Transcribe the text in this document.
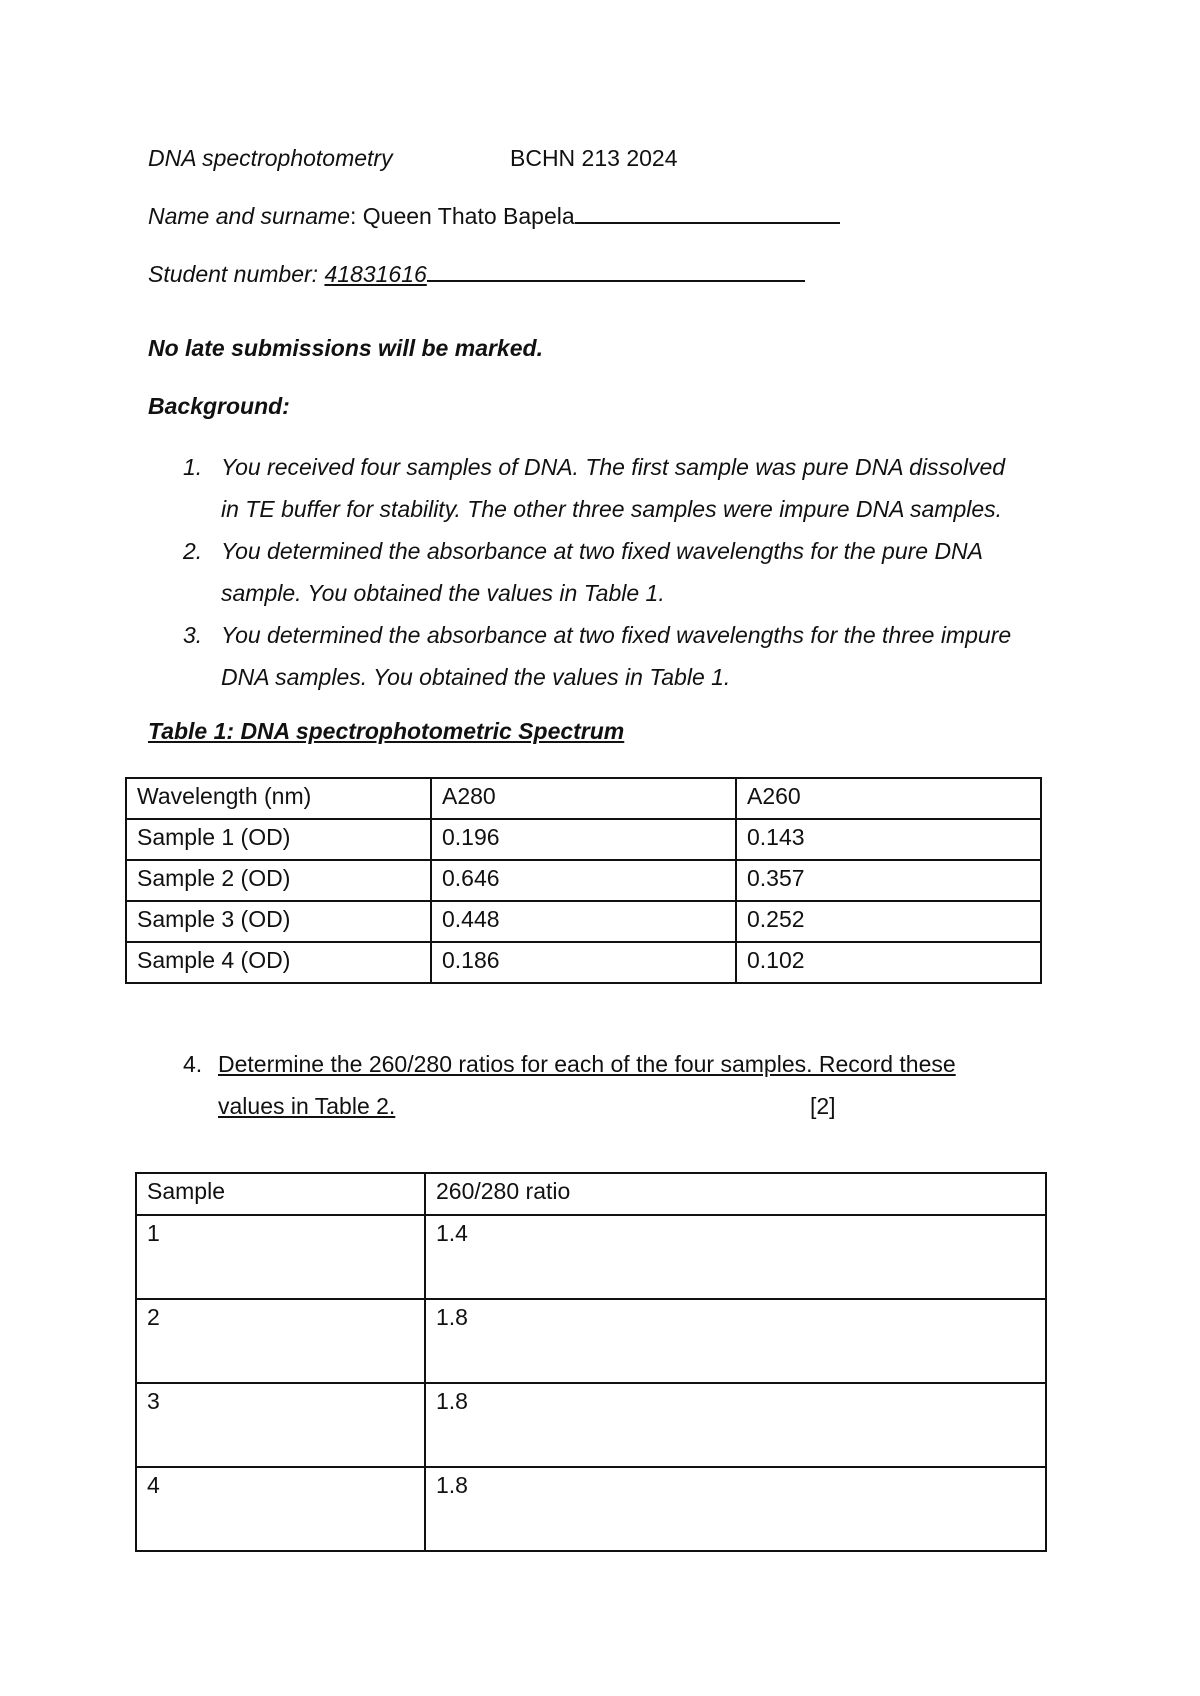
DNA spectrophotometry	BCHN 213 2024
Name and surname: Queen Thato Bapela
Student number: 41831616
No late submissions will be marked.
Background:
1. You received four samples of DNA. The first sample was pure DNA dissolved
in TE buffer for stability. The other three samples were impure DNA samples.
2. You determined the absorbance at two fixed wavelengths for the pure DNA
sample. You obtained the values in Table 1.
3. You determined the absorbance at two fixed wavelengths for the three impure
DNA samples. You obtained the values in Table 1.
Table 1: DNA spectrophotometric Spectrum
Wavelength (nm)	A280	A260
Sample 1 (OD)	0.196	0.143
Sample 2 (OD)	0.646	0.357
Sample 3 (OD)	0.448	0.252
Sample 4 (OD)	0.186	0.102
4. Determine the 260/280 ratios for each of the four samples. Record these
values in Table 2.	[2]
Sample	260/280 ratio
1	1.4
2	1.8
3	1.8
4	1.8
